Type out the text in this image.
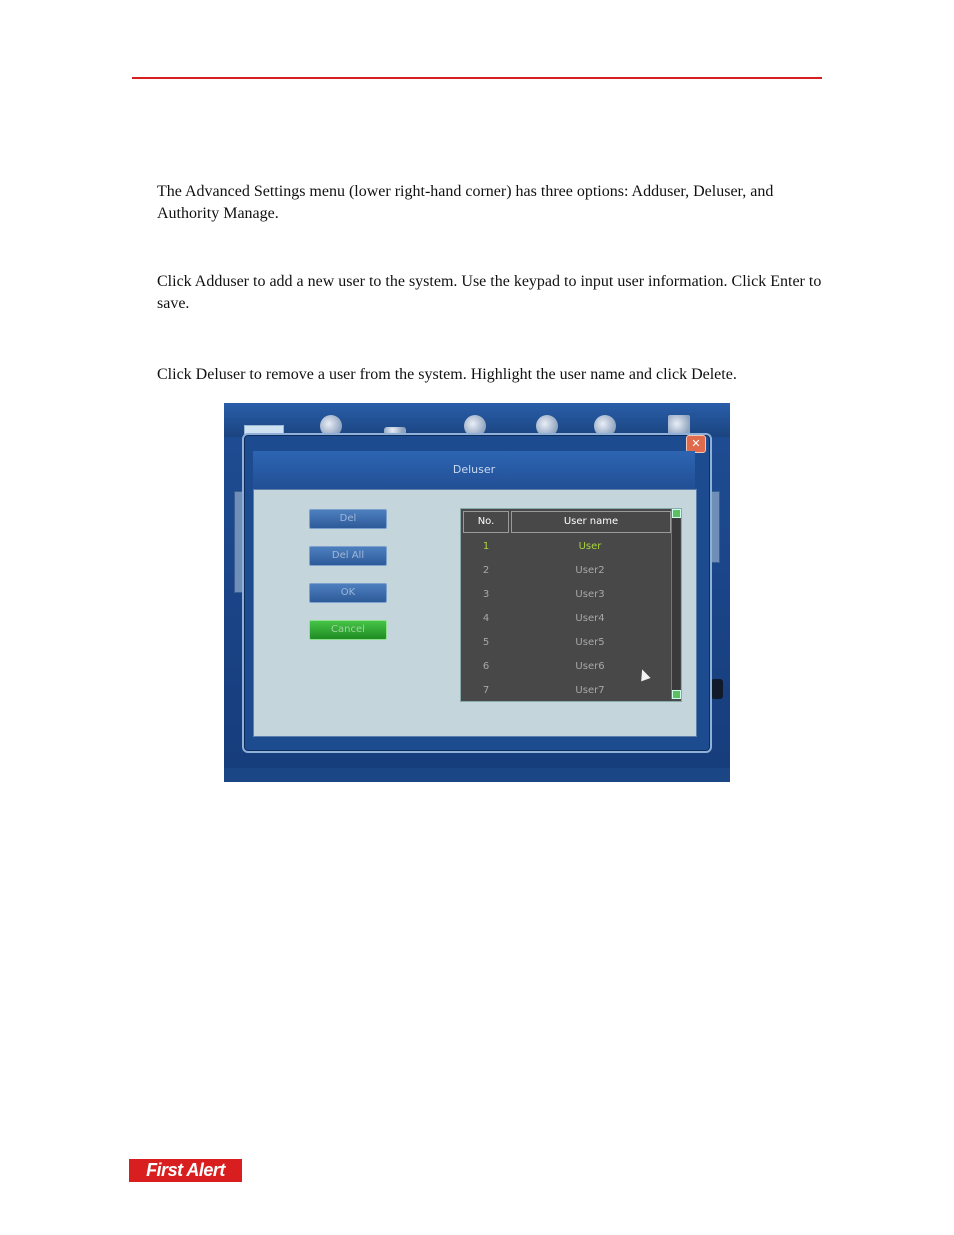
The Advanced Settings menu (lower right-hand corner) has three options: Adduser, Deluser, and Authority Manage.

Click Adduser to add a new user to the system. Use the keypad to input user information. Click Enter to save.

Click Deluser to remove a user from the system. Highlight the user name and click Delete.

✕
Deluser
Del
Del All
OK
Cancel
No.	User name
1	User
2	User2
3	User3
4	User4
5	User5
6	User6
7	User7
First Alert
